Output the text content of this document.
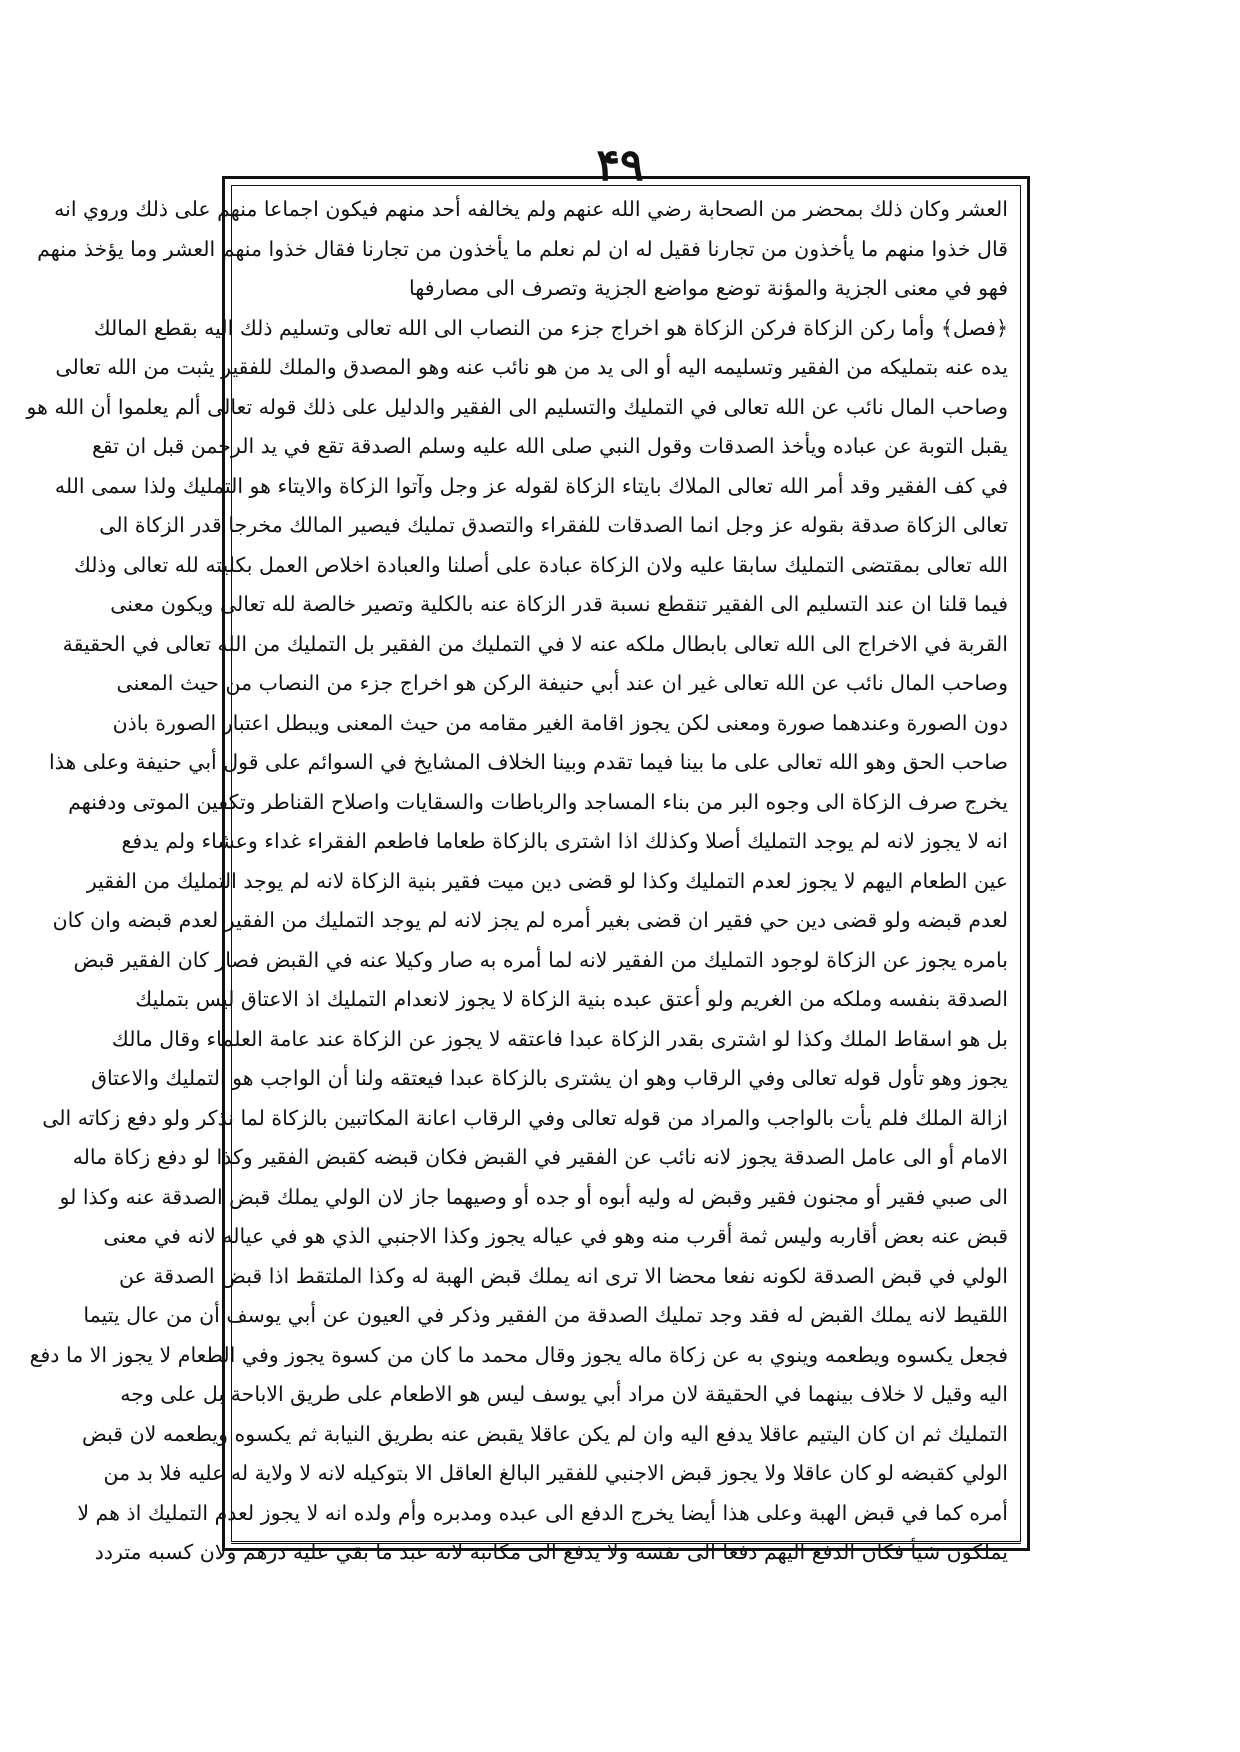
۴۹
العشر وكان ذلك بمحضر من الصحابة رضي الله عنهم ولم يخالفه أحد منهم فيكون اجماعا منهم على ذلك وروي انه
قال خذوا منهم ما يأخذون من تجارنا فقيل له ان لم نعلم ما يأخذون من تجارنا فقال خذوا منهم العشر وما يؤخذ منهم
فهو في معنى الجزية والمؤنة توضع مواضع الجزية وتصرف الى مصارفها
﴿فصل﴾ وأما ركن الزكاة فركن الزكاة هو اخراج جزء من النصاب الى الله تعالى وتسليم ذلك اليه بقطع المالك
يده عنه بتمليكه من الفقير وتسليمه اليه أو الى يد من هو نائب عنه وهو المصدق والملك للفقير يثبت من الله تعالى
وصاحب المال نائب عن الله تعالى في التمليك والتسليم الى الفقير والدليل على ذلك قوله تعالى ألم يعلموا أن الله هو
يقبل التوبة عن عباده ويأخذ الصدقات وقول النبي صلى الله عليه وسلم الصدقة تقع في يد الرحمن قبل ان تقع
في كف الفقير وقد أمر الله تعالى الملاك بايتاء الزكاة لقوله عز وجل وآتوا الزكاة والايتاء هو التمليك ولذا سمى الله
تعالى الزكاة صدقة بقوله عز وجل انما الصدقات للفقراء والتصدق تمليك فيصير المالك مخرجا قدر الزكاة الى
الله تعالى بمقتضى التمليك سابقا عليه ولان الزكاة عبادة على أصلنا والعبادة اخلاص العمل بكليته لله تعالى وذلك
فيما قلنا ان عند التسليم الى الفقير تنقطع نسبة قدر الزكاة عنه بالكلية وتصير خالصة لله تعالى ويكون معنى
القربة في الاخراج الى الله تعالى بابطال ملكه عنه لا في التمليك من الفقير بل التمليك من الله تعالى في الحقيقة
وصاحب المال نائب عن الله تعالى غير ان عند أبي حنيفة الركن هو اخراج جزء من النصاب من حيث المعنى
دون الصورة وعندهما صورة ومعنى لكن يجوز اقامة الغير مقامه من حيث المعنى ويبطل اعتبار الصورة باذن
صاحب الحق وهو الله تعالى على ما بينا فيما تقدم وبينا الخلاف المشايخ في السوائم على قول أبي حنيفة وعلى هذا
يخرج صرف الزكاة الى وجوه البر من بناء المساجد والرباطات والسقايات واصلاح القناطر وتكفين الموتى ودفنهم
انه لا يجوز لانه لم يوجد التمليك أصلا وكذلك اذا اشترى بالزكاة طعاما فاطعم الفقراء غداء وعشاء ولم يدفع
عين الطعام اليهم لا يجوز لعدم التمليك وكذا لو قضى دين ميت فقير بنية الزكاة لانه لم يوجد التمليك من الفقير
لعدم قبضه ولو قضى دين حي فقير ان قضى بغير أمره لم يجز لانه لم يوجد التمليك من الفقير لعدم قبضه وان كان
بامره يجوز عن الزكاة لوجود التمليك من الفقير لانه لما أمره به صار وكيلا عنه في القبض فصار كان الفقير قبض
الصدقة بنفسه وملكه من الغريم ولو أعتق عبده بنية الزكاة لا يجوز لانعدام التمليك اذ الاعتاق ليس بتمليك
بل هو اسقاط الملك وكذا لو اشترى بقدر الزكاة عبدا فاعتقه لا يجوز عن الزكاة عند عامة العلماء وقال مالك
يجوز وهو تأول قوله تعالى وفي الرقاب وهو ان يشترى بالزكاة عبدا فيعتقه ولنا أن الواجب هو التمليك والاعتاق
ازالة الملك فلم يأت بالواجب والمراد من قوله تعالى وفي الرقاب اعانة المكاتبين بالزكاة لما نذكر ولو دفع زكاته الى
الامام أو الى عامل الصدقة يجوز لانه نائب عن الفقير في القبض فكان قبضه كقبض الفقير وكذا لو دفع زكاة ماله
الى صبي فقير أو مجنون فقير وقبض له وليه أبوه أو جده أو وصيهما جاز لان الولي يملك قبض الصدقة عنه وكذا لو
قبض عنه بعض أقاربه وليس ثمة أقرب منه وهو في عياله يجوز وكذا الاجنبي الذي هو في عياله لانه في معنى
الولي في قبض الصدقة لكونه نفعا محضا الا ترى انه يملك قبض الهبة له وكذا الملتقط اذا قبض الصدقة عن
اللقيط لانه يملك القبض له فقد وجد تمليك الصدقة من الفقير وذكر في العيون عن أبي يوسف أن من عال يتيما
فجعل يكسوه ويطعمه وينوي به عن زكاة ماله يجوز وقال محمد ما كان من كسوة يجوز وفي الطعام لا يجوز الا ما دفع
اليه وقيل لا خلاف بينهما في الحقيقة لان مراد أبي يوسف ليس هو الاطعام على طريق الاباحة بل على وجه
التمليك ثم ان كان اليتيم عاقلا يدفع اليه وان لم يكن عاقلا يقبض عنه بطريق النيابة ثم يكسوه ويطعمه لان قبض
الولي كقبضه لو كان عاقلا ولا يجوز قبض الاجنبي للفقير البالغ العاقل الا بتوكيله لانه لا ولاية له عليه فلا بد من
أمره كما في قبض الهبة وعلى هذا أيضا يخرج الدفع الى عبده ومدبره وأم ولده انه لا يجوز لعدم التمليك اذ هم لا
يملكون شيأ فكان الدفع اليهم دفعا الى نفسه ولا يدفع الى مكاتبه لانه عبد ما بقي عليه درهم ولان كسبه متردد
